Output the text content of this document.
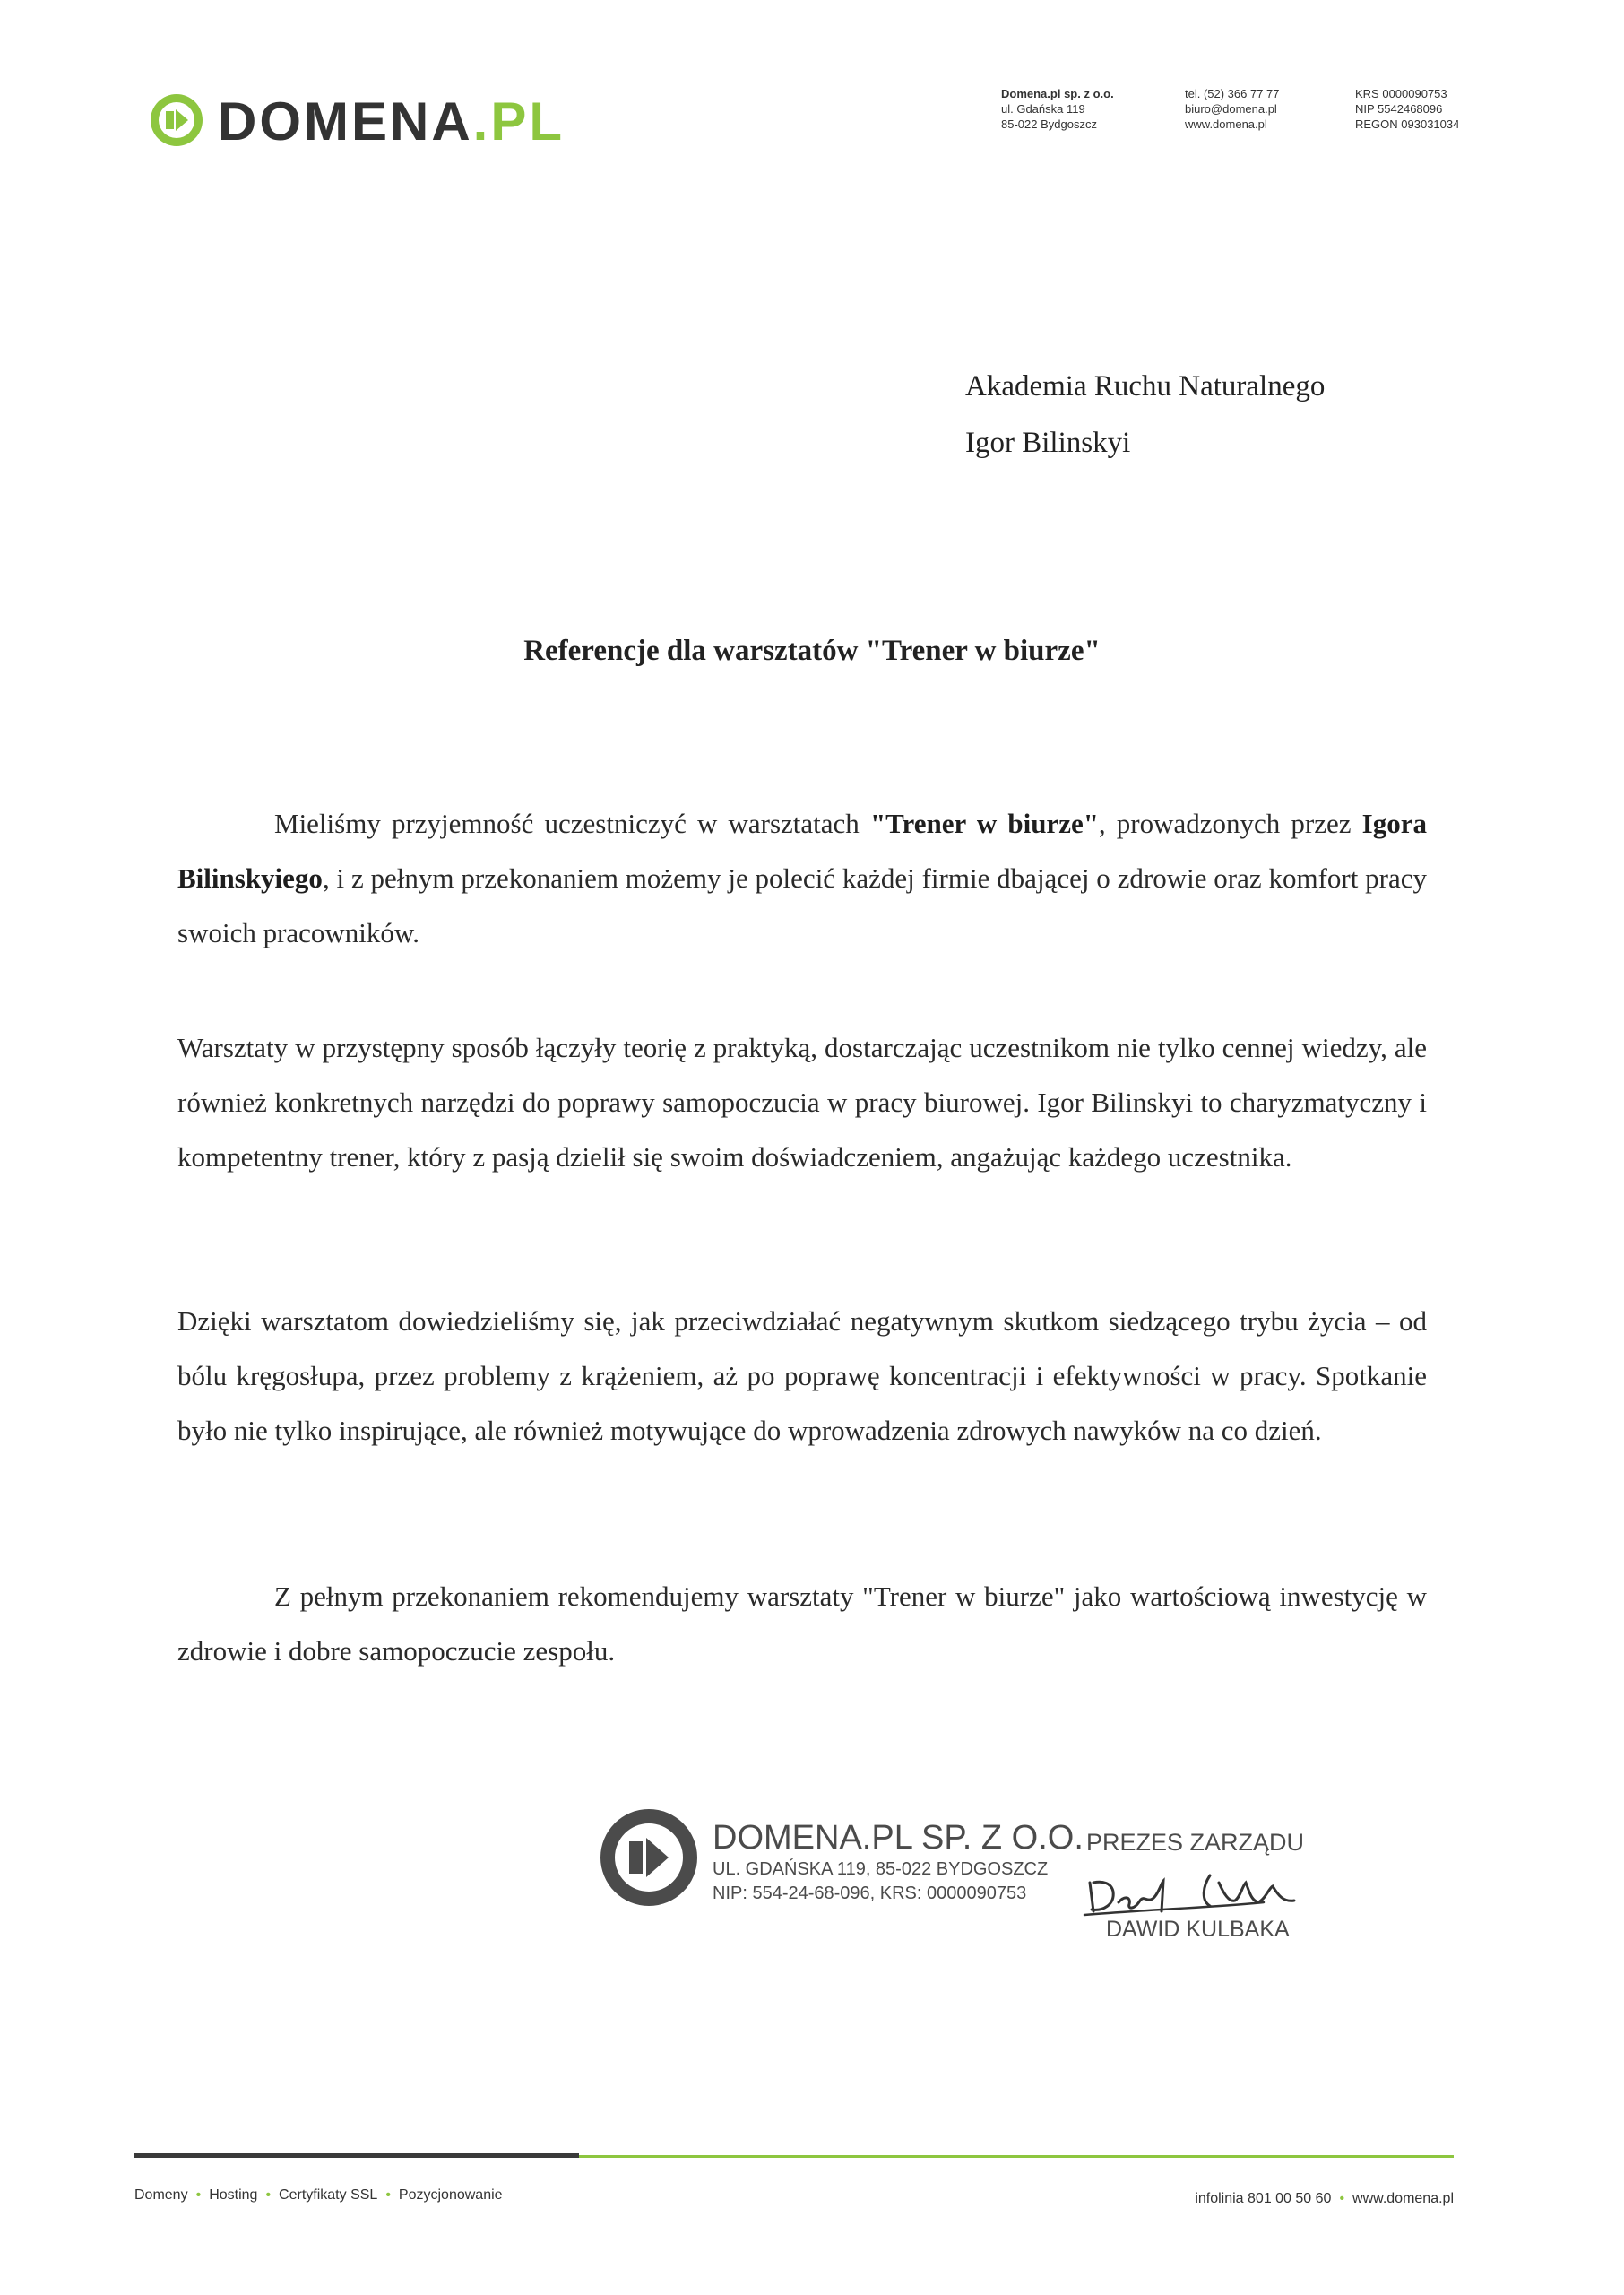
DOMENA.PL	Domena.pl sp. z o.o.
ul. Gdańska 119
85-022 Bydgoszcz
tel. (52) 366 77 77
biuro@domena.pl
www.domena.pl
KRS 0000090753
NIP 5542468096
REGON 093031034
Akademia Ruchu Naturalnego
Igor Bilinskyi
Referencje dla warsztatów "Trener w biurze"
Mieliśmy przyjemność uczestniczyć w warsztatach "Trener w biurze", prowadzonych przez Igora Bilinskyiego, i z pełnym przekonaniem możemy je polecić każdej firmie dbającej o zdrowie oraz komfort pracy swoich pracowników.
Warsztaty w przystępny sposób łączyły teorię z praktyką, dostarczając uczestnikom nie tylko cennej wiedzy, ale również konkretnych narzędzi do poprawy samopoczucia w pracy biurowej. Igor Bilinskyi to charyzmatyczny i kompetentny trener, który z pasją dzielił się swoim doświadczeniem, angażując każdego uczestnika.
Dzięki warsztatom dowiedzieliśmy się, jak przeciwdziałać negatywnym skutkom siedzącego trybu życia – od bólu kręgosłupa, przez problemy z krążeniem, aż po poprawę koncentracji i efektywności w pracy. Spotkanie było nie tylko inspirujące, ale również motywujące do wprowadzenia zdrowych nawyków na co dzień.
Z pełnym przekonaniem rekomendujemy warsztaty "Trener w biurze" jako wartościową inwestycję w zdrowie i dobre samopoczucie zespołu.
DOMENA.PL SP. Z O.O.
UL. GDAŃSKA 119, 85-022 BYDGOSZCZ
NIP: 554-24-68-096, KRS: 0000090753
PREZES ZARZĄDU
DAWID KULBAKA
Domeny • Hosting • Certyfikaty SSL • Pozycjonowanie	infolinia 801 00 50 60 • www.domena.pl
